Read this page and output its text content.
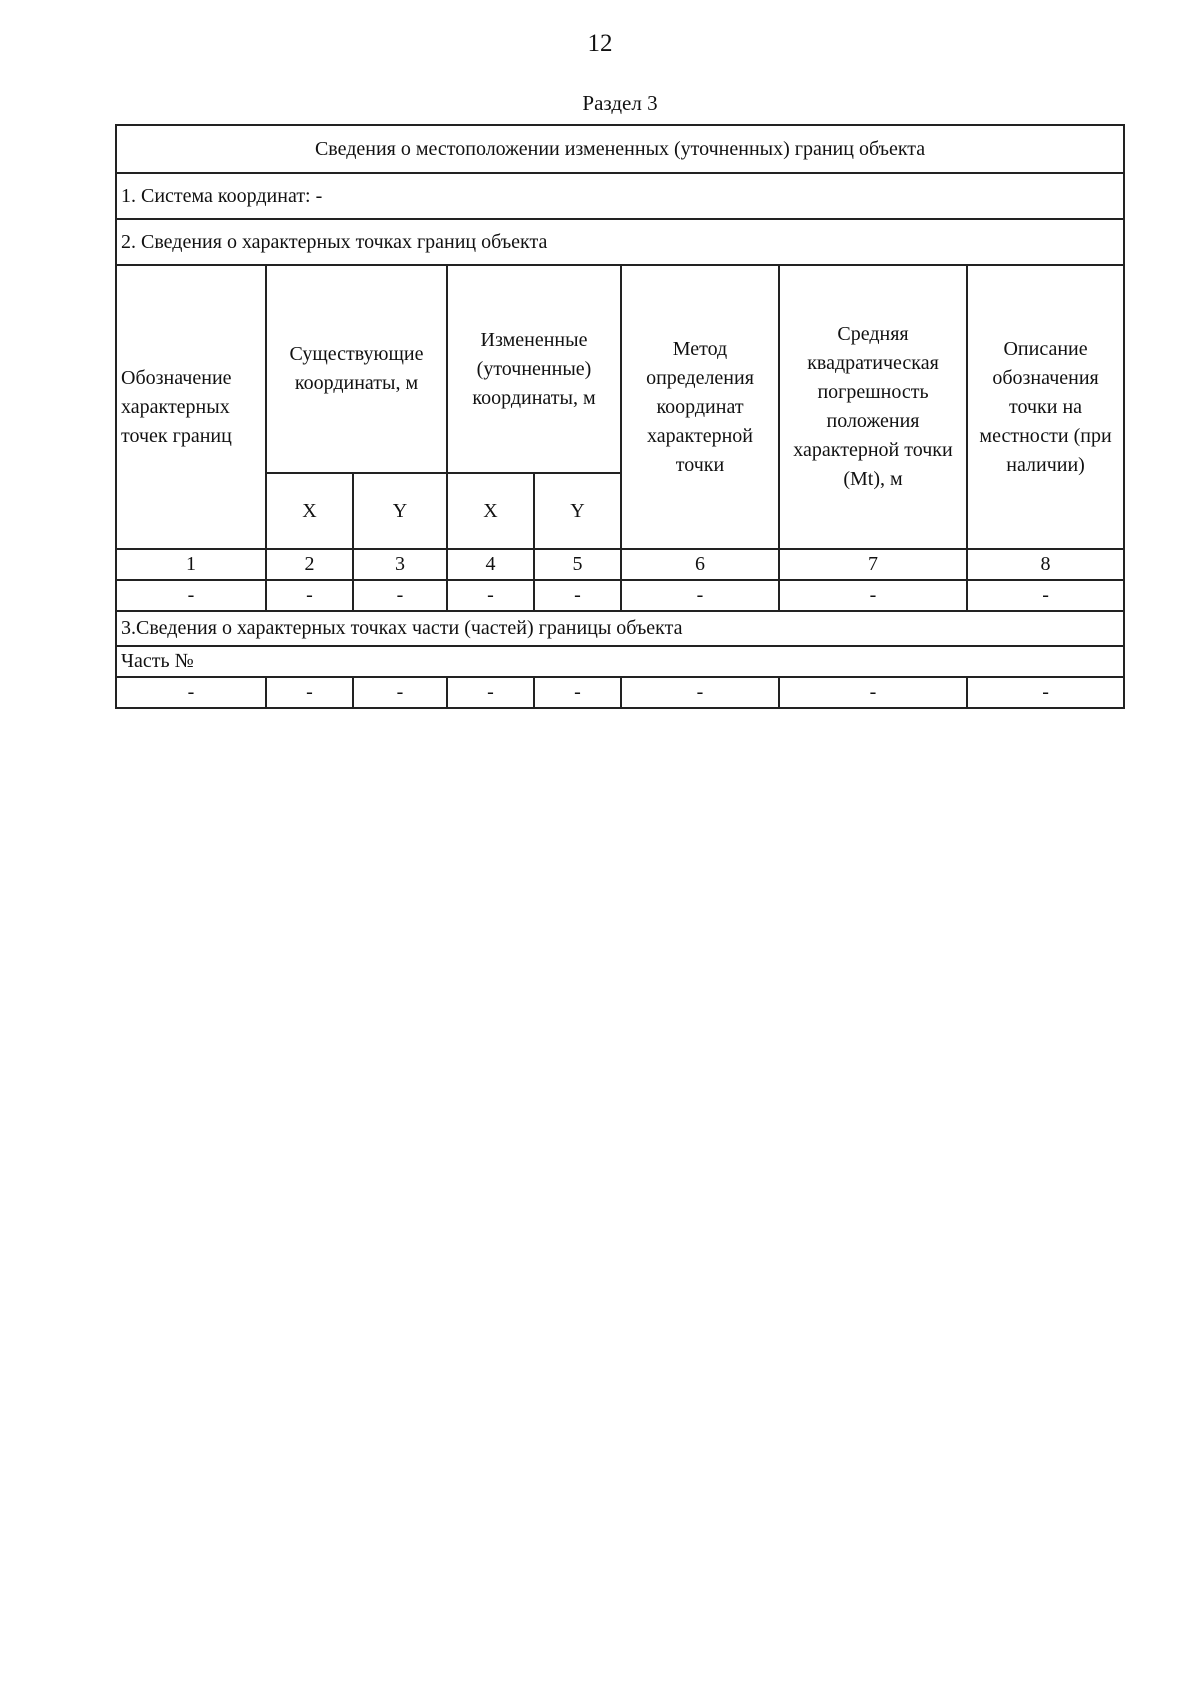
12
Раздел 3
Сведения о местоположении измененных (уточненных) границ объекта							
1. Система координат: -							
2. Сведения о характерных точках границ объекта							
Обозначение характерных точек границ	Существующие координаты, м		Измененные (уточненные) координаты, м		Метод определения координат характерной точки	Средняя квадратическая погрешность положения характерной точки (Mt), м	Описание обозначения точки на местности (при наличии)
	X	Y	X	Y			
1	2	3	4	5	6	7	8
-	-	-	-	-	-	-	-
3.Сведения о характерных точках части (частей) границы объекта							
Часть №							
-	-	-	-	-	-	-	-
